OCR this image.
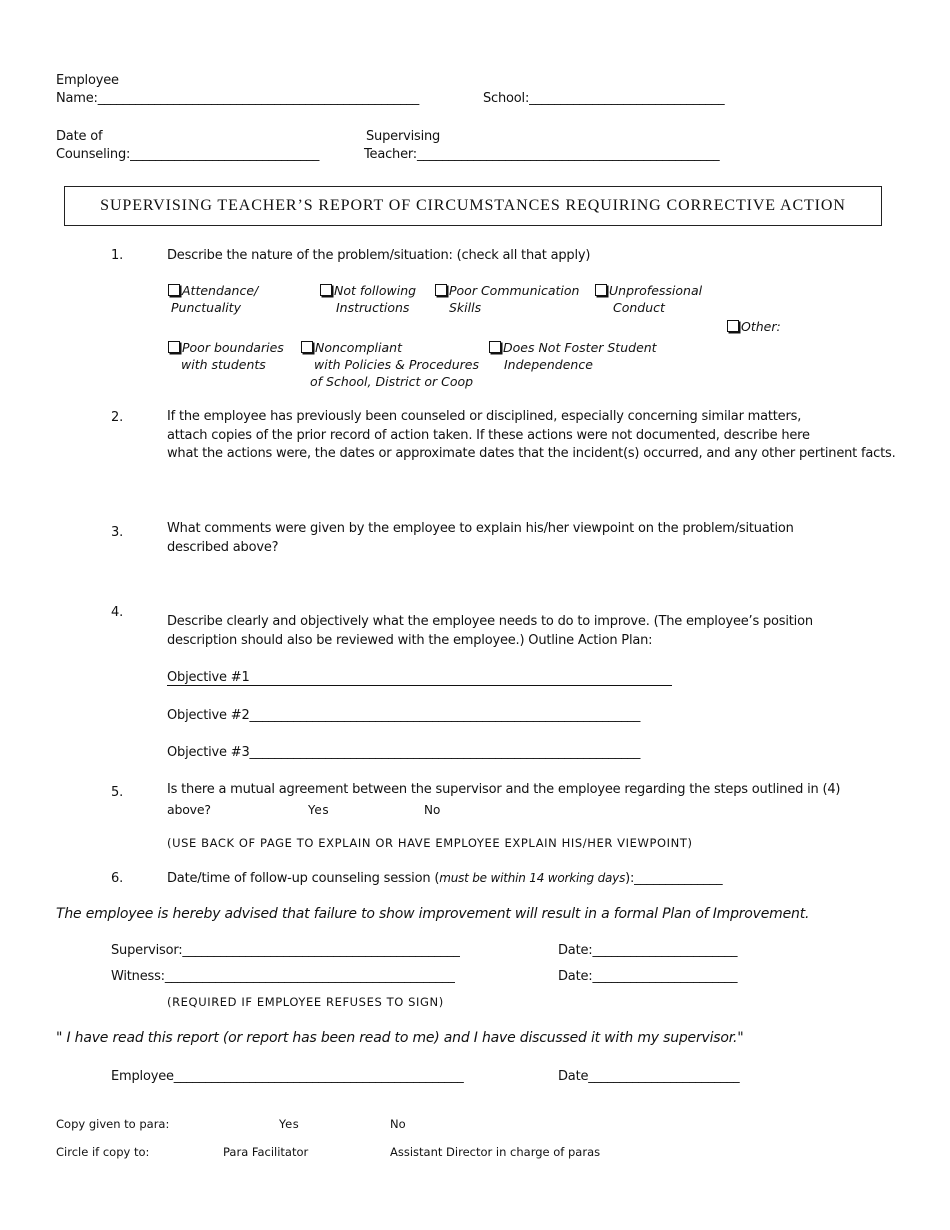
Employee
Name:___________________________________________________	School:_______________________________
Date of
Counseling:______________________________
Supervising
Teacher:________________________________________________
SUPERVISING TEACHER’S REPORT OF CIRCUMSTANCES REQUIRING CORRECTIVE ACTION
1.	Describe the nature of the problem/situation: (check all that apply)
Attendance/
Punctuality
Not following
Instructions
Poor Communication
Skills
Unprofessional
Conduct
Other:
Poor boundaries
with students
Noncompliant
with Policies & Procedures
of School, District or Coop
Does Not Foster Student
Independence
2.	If the employee has previously been counseled or disciplined, especially concerning similar matters,
attach copies of the prior record of action taken. If these actions were not documented, describe here
what the actions were, the dates or approximate dates that the incident(s) occurred, and any other pertinent facts.
3.	What comments were given by the employee to explain his/her viewpoint on the problem/situation
described above?
4.
Describe clearly and objectively what the employee needs to do to improve. (The employee’s position
description should also be reviewed with the employee.) Outline Action Plan:
Objective #1
Objective #2______________________________________________________________
Objective #3______________________________________________________________
5.	Is there a mutual agreement between the supervisor and the employee regarding the steps outlined in (4)
above?	Yes	No
(USE BACK OF PAGE TO EXPLAIN OR HAVE EMPLOYEE EXPLAIN HIS/HER VIEWPOINT)
6.	Date/time of follow-up counseling session (must be within 14 working days):______________
The employee is hereby advised that failure to show improvement will result in a formal Plan of Improvement.
Supervisor:____________________________________________	Date:_______________________
Witness:______________________________________________	Date:_______________________
(REQUIRED IF EMPLOYEE REFUSES TO SIGN)
" I have read this report (or report has been read to me) and I have discussed it with my supervisor."
Employee______________________________________________	Date________________________
Copy given to para:	Yes	No
Circle if copy to:	Para Facilitator	Assistant Director in charge of paras
